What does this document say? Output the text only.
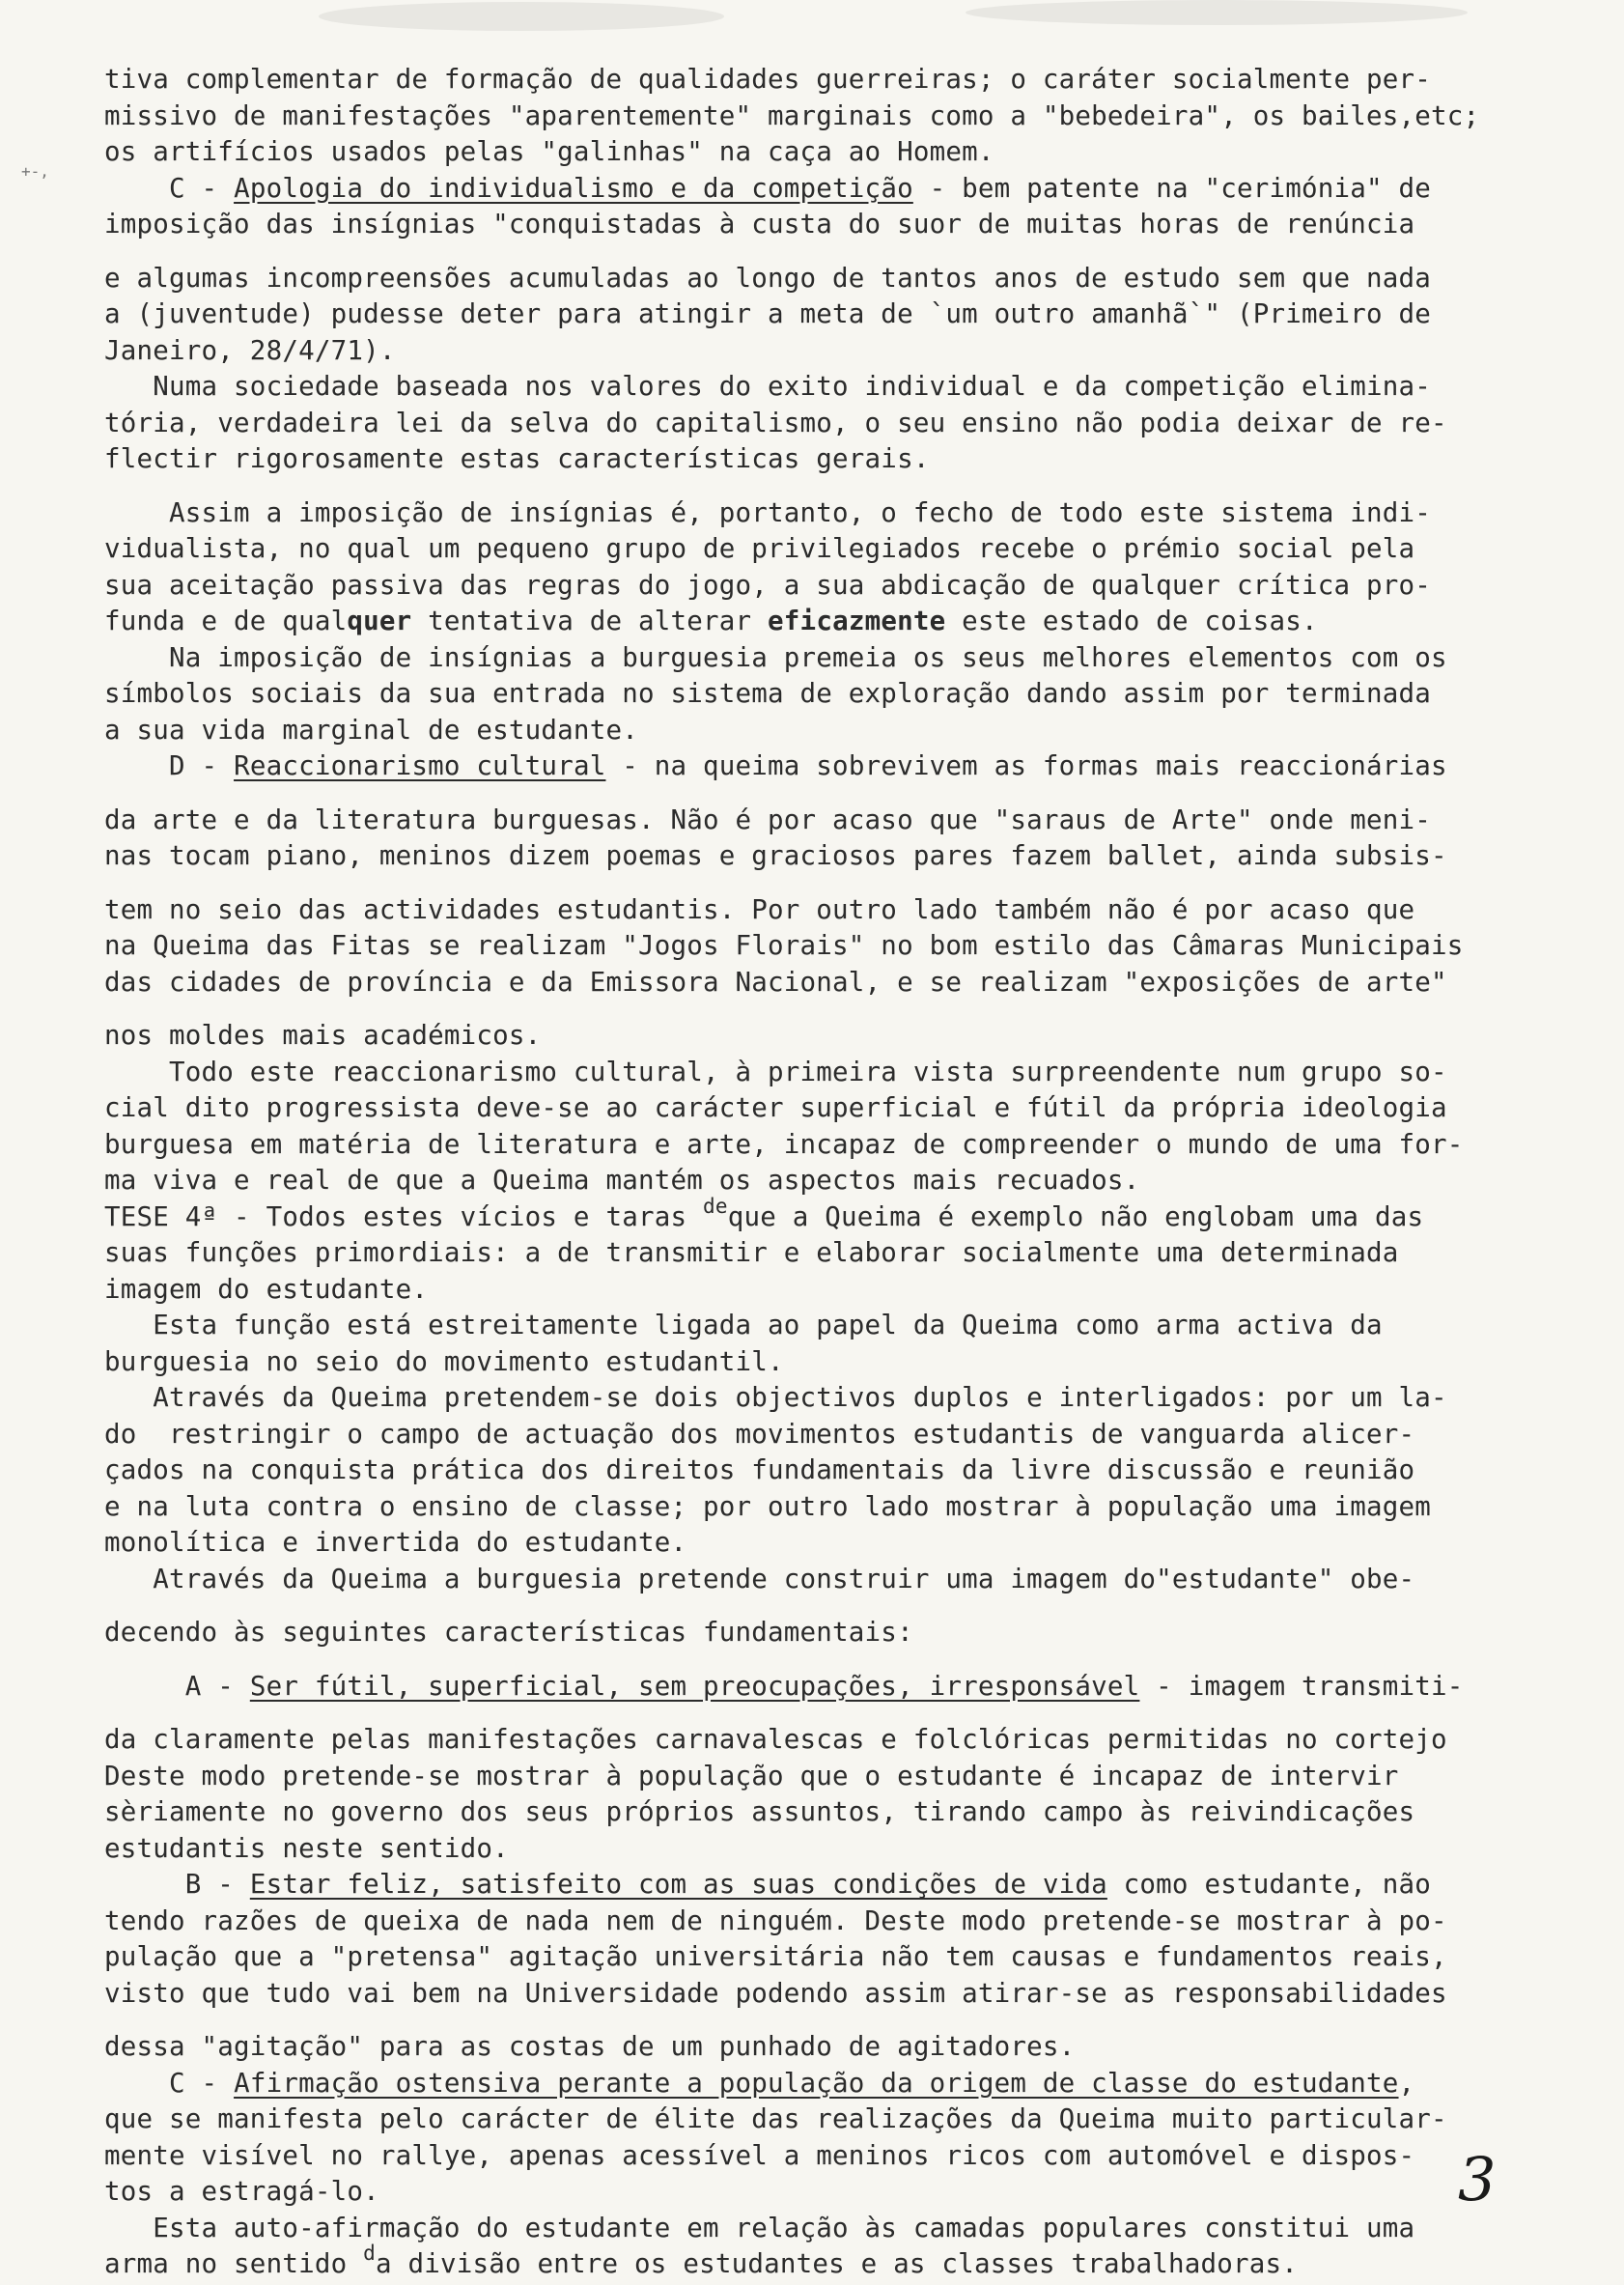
+-,
tiva complementar de formação de qualidades guerreiras; o caráter socialmente per-
missivo de manifestações "aparentemente" marginais como a "bebedeira", os bailes,etc;
os artifícios usados pelas "galinhas" na caça ao Homem.
C - Apologia do individualismo e da competição - bem patente na "cerimónia" de
imposição das insígnias "conquistadas à custa do suor de muitas horas de renúncia
e algumas incompreensões acumuladas ao longo de tantos anos de estudo sem que nada
a (juventude) pudesse deter para atingir a meta de `um outro amanhã`" (Primeiro de
Janeiro, 28/4/71).
Numa sociedade baseada nos valores do exito individual e da competição elimina-
tória, verdadeira lei da selva do capitalismo, o seu ensino não podia deixar de re-
flectir rigorosamente estas características gerais.
Assim a imposição de insígnias é, portanto, o fecho de todo este sistema indi-
vidualista, no qual um pequeno grupo de privilegiados recebe o prémio social pela
sua aceitação passiva das regras do jogo, a sua abdicação de qualquer crítica pro-
funda e de qualquer tentativa de alterar eficazmente este estado de coisas.
Na imposição de insígnias a burguesia premeia os seus melhores elementos com os
símbolos sociais da sua entrada no sistema de exploração dando assim por terminada
a sua vida marginal de estudante.
D - Reaccionarismo cultural - na queima sobrevivem as formas mais reaccionárias
da arte e da literatura burguesas. Não é por acaso que "saraus de Arte" onde meni-
nas tocam piano, meninos dizem poemas e graciosos pares fazem ballet, ainda subsis-
tem no seio das actividades estudantis. Por outro lado também não é por acaso que
na Queima das Fitas se realizam "Jogos Florais" no bom estilo das Câmaras Municipais
das cidades de província e da Emissora Nacional, e se realizam "exposições de arte"
nos moldes mais académicos.
Todo este reaccionarismo cultural, à primeira vista surpreendente num grupo so-
cial dito progressista deve-se ao carácter superficial e fútil da própria ideologia
burguesa em matéria de literatura e arte, incapaz de compreender o mundo de uma for-
ma viva e real de que a Queima mantém os aspectos mais recuados.
TESE 4ª - Todos estes vícios e taras $^{de}$que a Queima é exemplo não englobam uma das
suas funções primordiais: a de transmitir e elaborar socialmente uma determinada
imagem do estudante.
Esta função está estreitamente ligada ao papel da Queima como arma activa da
burguesia no seio do movimento estudantil.
Através da Queima pretendem-se dois objectivos duplos e interligados: por um la-
do  restringir o campo de actuação dos movimentos estudantis de vanguarda alicer-
çados na conquista prática dos direitos fundamentais da livre discussão e reunião
e na luta contra o ensino de classe; por outro lado mostrar à população uma imagem
monolítica e invertida do estudante.
Através da Queima a burguesia pretende construir uma imagem do"estudante" obe-
decendo às seguintes características fundamentais:
A - Ser fútil, superficial, sem preocupações, irresponsável - imagem transmiti-
da claramente pelas manifestações carnavalescas e folclóricas permitidas no cortejo
Deste modo pretende-se mostrar à população que o estudante é incapaz de intervir
sèriamente no governo dos seus próprios assuntos, tirando campo às reivindicações
estudantis neste sentido.
B - Estar feliz, satisfeito com as suas condições de vida como estudante, não
tendo razões de queixa de nada nem de ninguém. Deste modo pretende-se mostrar à po-
pulação que a "pretensa" agitação universitária não tem causas e fundamentos reais,
visto que tudo vai bem na Universidade podendo assim atirar-se as responsabilidades
dessa "agitação" para as costas de um punhado de agitadores.
C - Afirmação ostensiva perante a população da origem de classe do estudante,
que se manifesta pelo carácter de élite das realizações da Queima muito particular-
mente visível no rallye, apenas acessível a meninos ricos com automóvel e dispos-
tos a estragá-lo.
Esta auto-afirmação do estudante em relação às camadas populares constitui uma
arma no sentido $^d$a divisão entre os estudantes e as classes trabalhadoras.
3
